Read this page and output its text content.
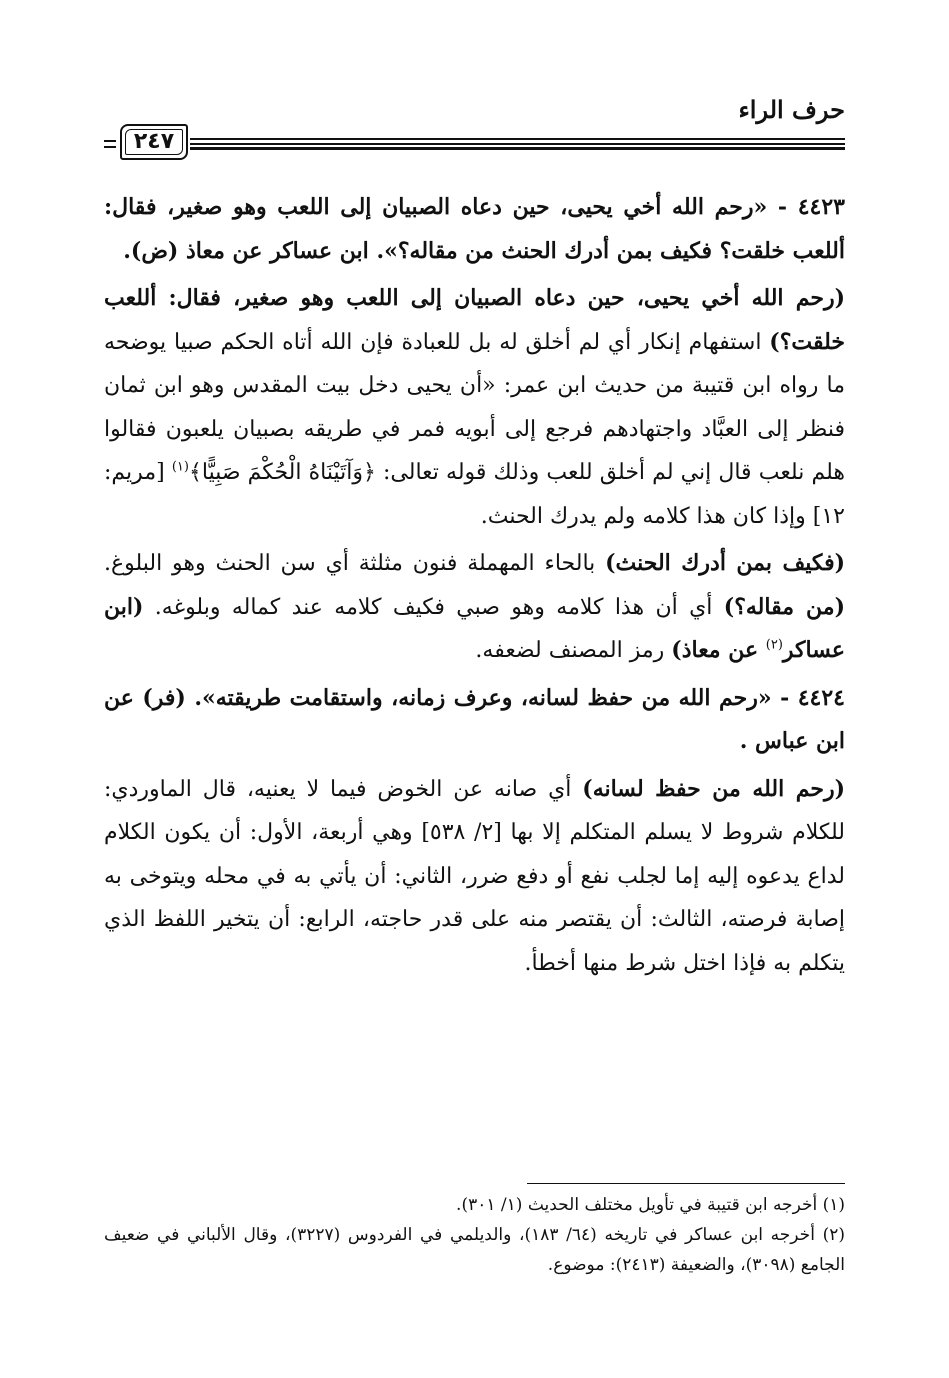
حرف الراء
٢٤٧

٤٤٢٣ - «رحم الله أخي يحيى، حين دعاه الصبيان إلى اللعب وهو صغير، فقال: أللعب خلقت؟ فكيف بمن أدرك الحنث من مقاله؟». ابن عساكر عن معاذ (ض).

(رحم الله أخي يحيى، حين دعاه الصبيان إلى اللعب وهو صغير، فقال: أللعب خلقت؟) استفهام إنكار أي لم أخلق له بل للعبادة فإن الله أتاه الحكم صبيا يوضحه ما رواه ابن قتيبة من حديث ابن عمر: «أن يحيى دخل بيت المقدس وهو ابن ثمان فنظر إلى العبَّاد واجتهادهم فرجع إلى أبويه فمر في طريقه بصبيان يلعبون فقالوا هلم نلعب قال إني لم أخلق للعب وذلك قوله تعالى: ﴿وَآتَيْنَاهُ الْحُكْمَ صَبِيًّا﴾$^{(١)}$ [مريم: ١٢] وإذا كان هذا كلامه ولم يدرك الحنث.

(فكيف بمن أدرك الحنث) بالحاء المهملة فنون مثلثة أي سن الحنث وهو البلوغ. (من مقاله؟) أي أن هذا كلامه وهو صبي فكيف كلامه عند كماله وبلوغه. (ابن عساكر$^{(٢)}$ عن معاذ) رمز المصنف لضعفه.

٤٤٢٤ - «رحم الله من حفظ لسانه، وعرف زمانه، واستقامت طريقته». (فر) عن ابن عباس .

(رحم الله من حفظ لسانه) أي صانه عن الخوض فيما لا يعنيه، قال الماوردي: للكلام شروط لا يسلم المتكلم إلا بها [٢/ ٥٣٨] وهي أربعة، الأول: أن يكون الكلام لداع يدعوه إليه إما لجلب نفع أو دفع ضرر، الثاني: أن يأتي به في محله ويتوخى به إصابة فرصته، الثالث: أن يقتصر منه على قدر حاجته، الرابع: أن يتخير اللفظ الذي يتكلم به فإذا اختل شرط منها أخطأ.

(١) أخرجه ابن قتيبة في تأويل مختلف الحديث (١/ ٣٠١).

(٢) أخرجه ابن عساكر في تاريخه (٦٤/ ١٨٣)، والديلمي في الفردوس (٣٢٢٧)، وقال الألباني في ضعيف الجامع (٣٠٩٨)، والضعيفة (٢٤١٣): موضوع.
